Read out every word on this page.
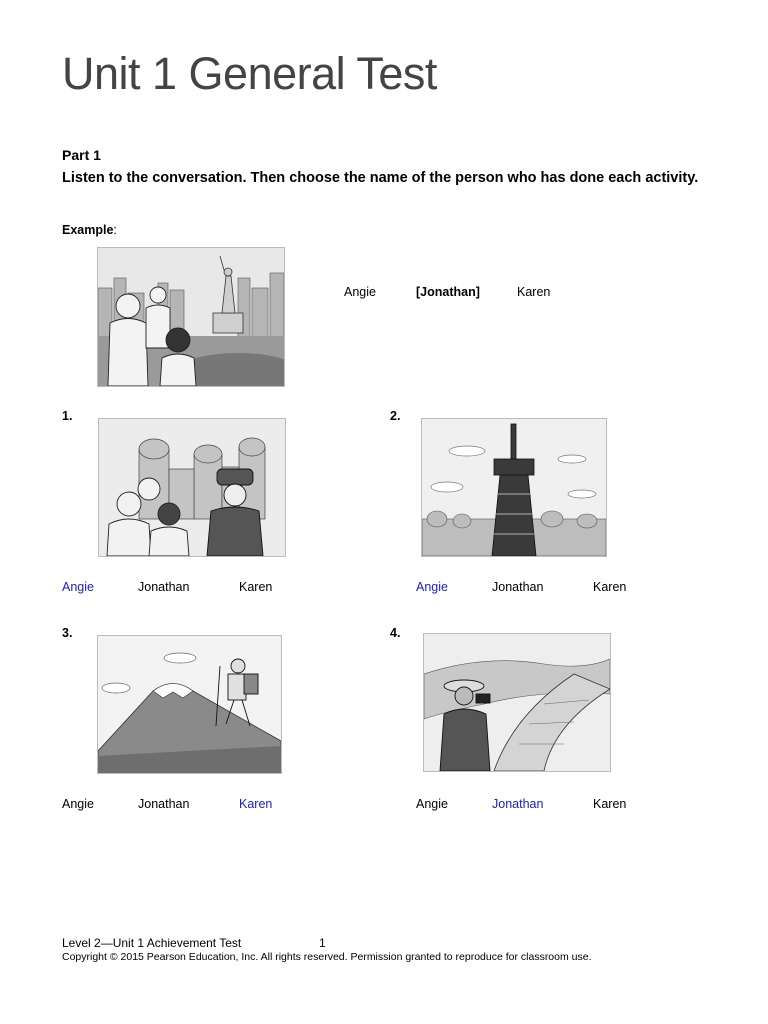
Unit 1 General Test
Part 1
Listen to the conversation. Then choose the name of the person who has done each activity.
Example:
Angie	[Jonathan]	Karen
1.
Angie	Jonathan	Karen
2.
Angie	Jonathan	Karen
3.
Angie	Jonathan	Karen
4.
Angie	Jonathan	Karen
Level 2—Unit 1 Achievement Test	1
Copyright © 2015 Pearson Education, Inc. All rights reserved. Permission granted to reproduce for classroom use.
